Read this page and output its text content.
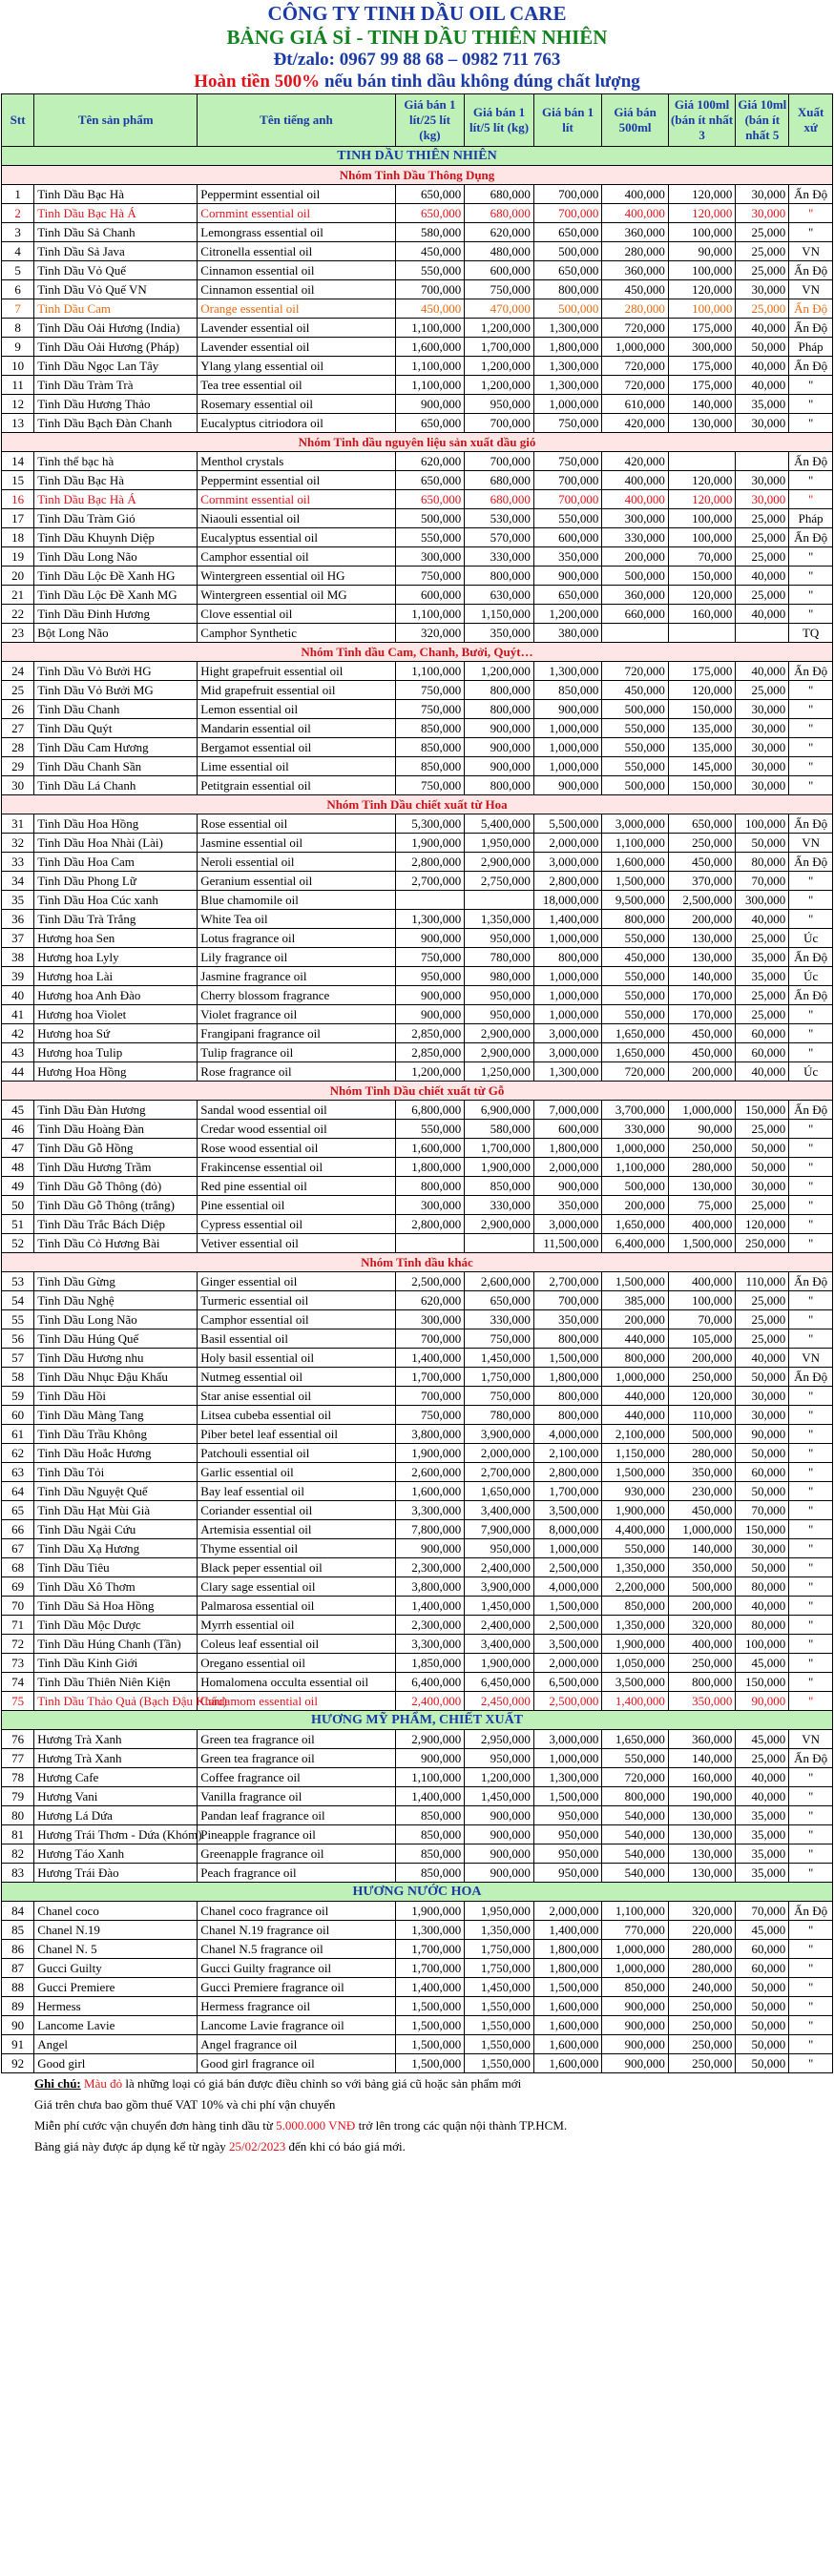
CÔNG TY TINH DẦU OIL CARE
BẢNG GIÁ SỈ - TINH DẦU THIÊN NHIÊN
Đt/zalo: 0967 99 88 68 – 0982 711 763
Hoàn tiền 500% nếu bán tinh dầu không đúng chất lượng
Stt	Tên sản phẩm	Tên tiếng anh	Giá bán 1 lít/25 lít (kg)	Giá bán 1 lít/5 lít (kg)	Giá bán 1 lít	Giá bán 500ml	Giá 100ml (bán ít nhất 3	Giá 10ml (bán ít nhất 5	Xuất xứ
TINH DẦU THIÊN NHIÊN									
Nhóm Tinh Dầu Thông Dụng									
1	Tinh Dầu Bạc Hà	Peppermint essential oil	650,000	680,000	700,000	400,000	120,000	30,000	Ấn Độ
2	Tinh Dầu Bạc Hà Á	Cornmint essential oil	650,000	680,000	700,000	400,000	120,000	30,000	"
3	Tinh Dầu Sả Chanh	Lemongrass essential oil	580,000	620,000	650,000	360,000	100,000	25,000	"
4	Tinh Dầu Sả Java	Citronella essential oil	450,000	480,000	500,000	280,000	90,000	25,000	VN
5	Tinh Dầu Vỏ Quế	Cinnamon essential oil	550,000	600,000	650,000	360,000	100,000	25,000	Ấn Độ
6	Tinh Dầu Vỏ Quế VN	Cinnamon essential oil	700,000	750,000	800,000	450,000	120,000	30,000	VN
7	Tinh Dầu Cam	Orange essential oil	450,000	470,000	500,000	280,000	100,000	25,000	Ấn Độ
8	Tinh Dầu Oải Hương (India)	Lavender essential oil	1,100,000	1,200,000	1,300,000	720,000	175,000	40,000	Ấn Độ
9	Tinh Dầu Oải Hương (Pháp)	Lavender essential oil	1,600,000	1,700,000	1,800,000	1,000,000	300,000	50,000	Pháp
10	Tinh Dầu Ngọc Lan Tây	Ylang ylang essential oil	1,100,000	1,200,000	1,300,000	720,000	175,000	40,000	Ấn Độ
11	Tinh Dầu Tràm Trà	Tea tree essential oil	1,100,000	1,200,000	1,300,000	720,000	175,000	40,000	"
12	Tinh Dầu Hương Thảo	Rosemary essential oil	900,000	950,000	1,000,000	610,000	140,000	35,000	"
13	Tinh Dầu Bạch Đàn Chanh	Eucalyptus citriodora oil	650,000	700,000	750,000	420,000	130,000	30,000	"
Nhóm Tinh dầu nguyên liệu sản xuất dầu gió									
14	Tinh thể bạc hà	Menthol crystals	620,000	700,000	750,000	420,000			Ấn Độ
15	Tinh Dầu Bạc Hà	Peppermint essential oil	650,000	680,000	700,000	400,000	120,000	30,000	"
16	Tinh Dầu Bạc Hà Á	Cornmint essential oil	650,000	680,000	700,000	400,000	120,000	30,000	"
17	Tinh Dầu Tràm Gió	Niaouli essential oil	500,000	530,000	550,000	300,000	100,000	25,000	Pháp
18	Tinh Dầu Khuynh Diệp	Eucalyptus essential oil	550,000	570,000	600,000	330,000	100,000	25,000	Ấn Độ
19	Tinh Dầu Long Não	Camphor essential oil	300,000	330,000	350,000	200,000	70,000	25,000	"
20	Tinh Dầu Lộc Đề Xanh HG	Wintergreen essential oil HG	750,000	800,000	900,000	500,000	150,000	40,000	"
21	Tinh Dầu Lộc Đề Xanh MG	Wintergreen essential oil MG	600,000	630,000	650,000	360,000	120,000	25,000	"
22	Tinh Dầu Đinh Hương	Clove essential oil	1,100,000	1,150,000	1,200,000	660,000	160,000	40,000	"
23	Bột Long Não	Camphor Synthetic	320,000	350,000	380,000				TQ
Nhóm Tinh dầu Cam, Chanh, Bưởi, Quýt…									
24	Tinh Dầu Vỏ Bưởi HG	Hight grapefruit essential oil	1,100,000	1,200,000	1,300,000	720,000	175,000	40,000	Ấn Độ
25	Tinh Dầu Vỏ Bưởi MG	Mid grapefruit essential oil	750,000	800,000	850,000	450,000	120,000	25,000	"
26	Tinh Dầu Chanh	Lemon essential oil	750,000	800,000	900,000	500,000	150,000	30,000	"
27	Tinh Dầu Quýt	Mandarin essential oil	850,000	900,000	1,000,000	550,000	135,000	30,000	"
28	Tinh Dầu Cam Hương	Bergamot essential oil	850,000	900,000	1,000,000	550,000	135,000	30,000	"
29	Tinh Dầu Chanh Sần	Lime essential oil	850,000	900,000	1,000,000	550,000	145,000	30,000	"
30	Tinh Dầu Lá Chanh	Petitgrain essential oil	750,000	800,000	900,000	500,000	150,000	30,000	"
Nhóm Tinh Dầu chiết xuất từ Hoa									
31	Tinh Dầu Hoa Hồng	Rose essential oil	5,300,000	5,400,000	5,500,000	3,000,000	650,000	100,000	Ấn Độ
32	Tinh Dầu Hoa Nhài (Lài)	Jasmine essential oil	1,900,000	1,950,000	2,000,000	1,100,000	250,000	50,000	VN
33	Tinh Dầu Hoa Cam	Neroli essential oil	2,800,000	2,900,000	3,000,000	1,600,000	450,000	80,000	Ấn Độ
34	Tinh Dầu Phong Lữ	Geranium essential oil	2,700,000	2,750,000	2,800,000	1,500,000	370,000	70,000	"
35	Tinh Dầu Hoa Cúc xanh	Blue chamomile oil			18,000,000	9,500,000	2,500,000	300,000	"
36	Tinh Dầu Trà Trắng	White Tea oil	1,300,000	1,350,000	1,400,000	800,000	200,000	40,000	"
37	Hương hoa Sen	Lotus fragrance oil	900,000	950,000	1,000,000	550,000	130,000	25,000	Úc
38	Hương hoa Lyly	Lily fragrance oil	750,000	780,000	800,000	450,000	130,000	35,000	Ấn Độ
39	Hương hoa Lài	Jasmine fragrance oil	950,000	980,000	1,000,000	550,000	140,000	35,000	Úc
40	Hương hoa Anh Đào	Cherry blossom fragrance	900,000	950,000	1,000,000	550,000	170,000	25,000	Ấn Độ
41	Hương hoa Violet	Violet fragrance oil	900,000	950,000	1,000,000	550,000	170,000	25,000	"
42	Hương hoa Sứ	Frangipani fragrance oil	2,850,000	2,900,000	3,000,000	1,650,000	450,000	60,000	"
43	Hương hoa Tulip	Tulip fragrance oil	2,850,000	2,900,000	3,000,000	1,650,000	450,000	60,000	"
44	Hương Hoa Hồng	Rose fragrance oil	1,200,000	1,250,000	1,300,000	720,000	200,000	40,000	Úc
Nhóm Tinh Dầu chiết xuất từ Gỗ									
45	Tinh Dầu Đàn Hương	Sandal wood essential oil	6,800,000	6,900,000	7,000,000	3,700,000	1,000,000	150,000	Ấn Độ
46	Tinh Dầu Hoàng Đàn	Credar wood essential oil	550,000	580,000	600,000	330,000	90,000	25,000	"
47	Tinh Dầu Gỗ Hồng	Rose wood essential oil	1,600,000	1,700,000	1,800,000	1,000,000	250,000	50,000	"
48	Tinh Dầu Hương Trầm	Frakincense essential oil	1,800,000	1,900,000	2,000,000	1,100,000	280,000	50,000	"
49	Tinh Dầu Gỗ Thông (đỏ)	Red pine essential oil	800,000	850,000	900,000	500,000	130,000	30,000	"
50	Tinh Dầu Gỗ Thông (trắng)	Pine essential oil	300,000	330,000	350,000	200,000	75,000	25,000	"
51	Tinh Dầu Trắc Bách Diệp	Cypress essential oil	2,800,000	2,900,000	3,000,000	1,650,000	400,000	120,000	"
52	Tinh Dầu Cỏ Hương Bài	Vetiver essential oil			11,500,000	6,400,000	1,500,000	250,000	"
Nhóm Tinh dầu khác									
53	Tinh Dầu Gừng	Ginger essential oil	2,500,000	2,600,000	2,700,000	1,500,000	400,000	110,000	Ấn Độ
54	Tinh Dầu Nghệ	Turmeric essential oil	620,000	650,000	700,000	385,000	100,000	25,000	"
55	Tinh Dầu Long Não	Camphor essential oil	300,000	330,000	350,000	200,000	70,000	25,000	"
56	Tinh Dầu Húng Quế	Basil essential oil	700,000	750,000	800,000	440,000	105,000	25,000	"
57	Tinh Dầu Hương nhu	Holy basil essential oil	1,400,000	1,450,000	1,500,000	800,000	200,000	40,000	VN
58	Tinh Dầu Nhục Đậu Khấu	Nutmeg essential oil	1,700,000	1,750,000	1,800,000	1,000,000	250,000	50,000	Ấn Độ
59	Tinh Dầu Hồi	Star anise essential oil	700,000	750,000	800,000	440,000	120,000	30,000	"
60	Tinh Dầu Màng Tang	Litsea cubeba essential oil	750,000	780,000	800,000	440,000	110,000	30,000	"
61	Tinh Dầu Trầu Không	Piber betel leaf essential oil	3,800,000	3,900,000	4,000,000	2,100,000	500,000	90,000	"
62	Tinh Dầu Hoắc Hương	Patchouli essential oil	1,900,000	2,000,000	2,100,000	1,150,000	280,000	50,000	"
63	Tinh Dầu Tỏi	Garlic essential oil	2,600,000	2,700,000	2,800,000	1,500,000	350,000	60,000	"
64	Tinh Dầu Nguyệt Quế	Bay leaf essential oil	1,600,000	1,650,000	1,700,000	930,000	230,000	50,000	"
65	Tinh Dầu Hạt Mùi Già	Coriander essential oil	3,300,000	3,400,000	3,500,000	1,900,000	450,000	70,000	"
66	Tinh Dầu Ngải Cứu	Artemisia essential oil	7,800,000	7,900,000	8,000,000	4,400,000	1,000,000	150,000	"
67	Tinh Dầu Xạ Hương	Thyme essential oil	900,000	950,000	1,000,000	550,000	140,000	30,000	"
68	Tinh Dầu Tiêu	Black peper essential oil	2,300,000	2,400,000	2,500,000	1,350,000	350,000	50,000	"
69	Tinh Dầu Xô Thơm	Clary sage essential oil	3,800,000	3,900,000	4,000,000	2,200,000	500,000	80,000	"
70	Tinh Dầu Sả Hoa Hồng	Palmarosa essential oil	1,400,000	1,450,000	1,500,000	850,000	200,000	40,000	"
71	Tinh Dầu Mộc Dược	Myrrh essential oil	2,300,000	2,400,000	2,500,000	1,350,000	320,000	80,000	"
72	Tinh Dầu Húng Chanh (Tần)	Coleus leaf essential oil	3,300,000	3,400,000	3,500,000	1,900,000	400,000	100,000	"
73	Tinh Dầu Kinh Giới	Oregano essential oil	1,850,000	1,900,000	2,000,000	1,050,000	250,000	45,000	"
74	Tinh Dầu Thiên Niên Kiện	Homalomena occulta essential oil	6,400,000	6,450,000	6,500,000	3,500,000	800,000	150,000	"
75	Tinh Dầu Thảo Quả (Bạch Đậu Khấu)	Cardamom essential oil	2,400,000	2,450,000	2,500,000	1,400,000	350,000	90,000	"
HƯƠNG MỸ PHẨM, CHIẾT XUẤT									
76	Hương Trà Xanh	Green tea fragrance oil	2,900,000	2,950,000	3,000,000	1,650,000	360,000	45,000	VN
77	Hương Trà Xanh	Green tea fragrance oil	900,000	950,000	1,000,000	550,000	140,000	25,000	Ấn Độ
78	Hương Cafe	Coffee fragrance oil	1,100,000	1,200,000	1,300,000	720,000	160,000	40,000	"
79	Hương Vani	Vanilla fragrance oil	1,400,000	1,450,000	1,500,000	800,000	190,000	40,000	"
80	Hương Lá Dứa	Pandan leaf fragrance oil	850,000	900,000	950,000	540,000	130,000	35,000	"
81	Hương Trái Thơm - Dứa (Khóm)	Pineapple fragrance oil	850,000	900,000	950,000	540,000	130,000	35,000	"
82	Hương Táo Xanh	Greenapple fragrance oil	850,000	900,000	950,000	540,000	130,000	35,000	"
83	Hương Trái Đào	Peach fragrance oil	850,000	900,000	950,000	540,000	130,000	35,000	"
HƯƠNG NƯỚC HOA									
84	Chanel coco	Chanel coco fragrance oil	1,900,000	1,950,000	2,000,000	1,100,000	320,000	70,000	Ấn Độ
85	Chanel N.19	Chanel N.19 fragrance oil	1,300,000	1,350,000	1,400,000	770,000	220,000	45,000	"
86	Chanel N. 5	Chanel N.5 fragrance oil	1,700,000	1,750,000	1,800,000	1,000,000	280,000	60,000	"
87	Gucci Guilty	Gucci Guilty fragrance oil	1,700,000	1,750,000	1,800,000	1,000,000	280,000	60,000	"
88	Gucci Premiere	Gucci Premiere fragrance oil	1,400,000	1,450,000	1,500,000	850,000	240,000	50,000	"
89	Hermess	Hermess fragrance oil	1,500,000	1,550,000	1,600,000	900,000	250,000	50,000	"
90	Lancome Lavie	Lancome Lavie fragrance oil	1,500,000	1,550,000	1,600,000	900,000	250,000	50,000	"
91	Angel	Angel fragrance oil	1,500,000	1,550,000	1,600,000	900,000	250,000	50,000	"
92	Good girl	Good girl fragrance oil	1,500,000	1,550,000	1,600,000	900,000	250,000	50,000	"
Ghi chú: Màu đỏ là những loại có giá bán được điều chỉnh so với bảng giá cũ hoặc sản phẩm mới
Giá trên chưa bao gồm thuế VAT 10% và chi phí vận chuyển
Miễn phí cước vận chuyển đơn hàng tinh dầu từ 5.000.000 VNĐ trở lên trong các quận nội thành TP.HCM.
Bảng giá này được áp dụng kể từ ngày 25/02/2023 đến khi có báo giá mới.
